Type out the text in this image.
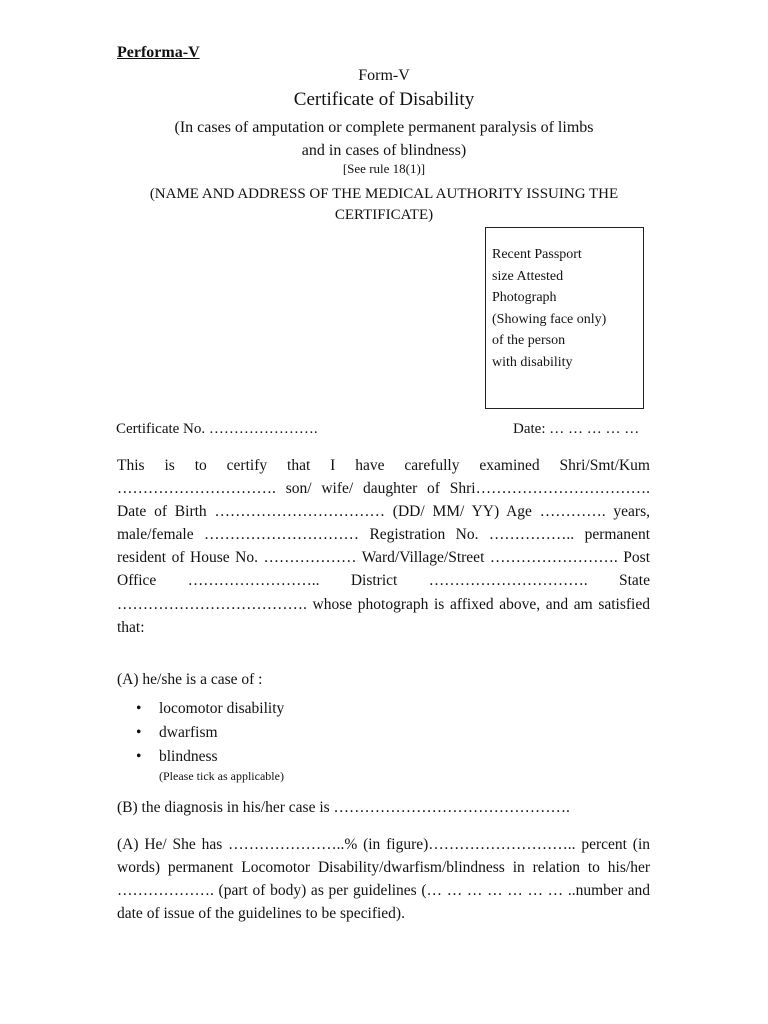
Performa-V
Form-V
Certificate of Disability
(In cases of amputation or complete permanent paralysis of limbs
and in cases of blindness)
[See rule 18(1)]
(NAME AND ADDRESS OF THE MEDICAL AUTHORITY ISSUING THE
CERTIFICATE)
Recent Passport
size Attested
Photograph
(Showing face only)
of the person
with disability
Certificate No. ………………….	Date: … … … … …
This is to certify that I have carefully examined Shri/Smt/Kum …………………………. son/ wife/ daughter of Shri……………………………. Date of Birth …………………………… (DD/ MM/ YY) Age …………. years, male/female ………………………… Registration No. …………….. permanent resident of House No. ……………… Ward/Village/Street ……………………. Post Office …………………….. District …………………………. State ………………………………. whose photograph is affixed above, and am satisfied that:
(A) he/she is a case of :
• locomotor disability
• dwarfism
• blindness
(Please tick as applicable)
(B) the diagnosis in his/her case is ……………………………………….
(A) He/ She has …………………..% (in figure)……………………….. percent (in words) permanent Locomotor Disability/dwarfism/blindness in relation to his/her ………………. (part of body) as per guidelines (… … … … … … … ..number and date of issue of the guidelines to be specified).
